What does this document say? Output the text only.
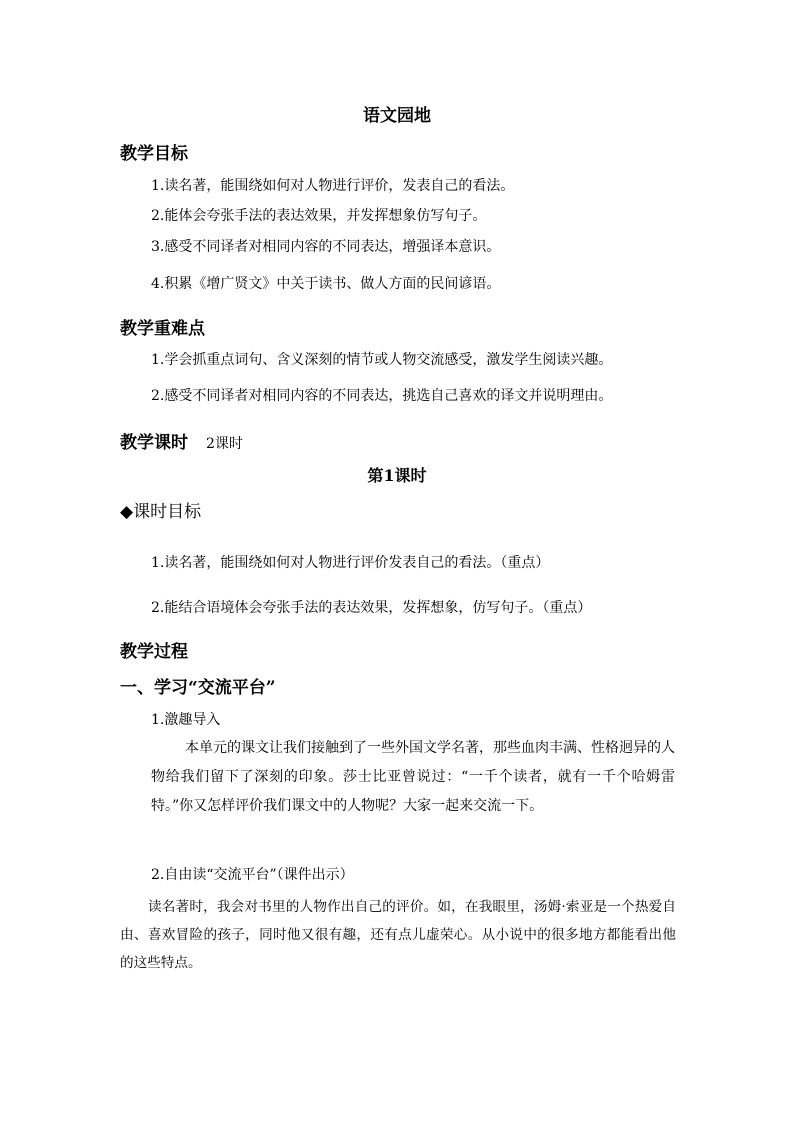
语文园地
教学目标
1.读名著，能围绕如何对人物进行评价，发表自己的看法。
2.能体会夸张手法的表达效果，并发挥想象仿写句子。
3.感受不同译者对相同内容的不同表达，增强译本意识。
4.积累《增广贤文》中关于读书、做人方面的民间谚语。
教学重难点
1.学会抓重点词句、含义深刻的情节或人物交流感受，激发学生阅读兴趣。
2.感受不同译者对相同内容的不同表达，挑选自己喜欢的译文并说明理由。
教学课时 2课时
第1课时
◆课时目标
1.读名著，能围绕如何对人物进行评价发表自己的看法。（重点）
2.能结合语境体会夸张手法的表达效果，发挥想象，仿写句子。（重点）
教学过程
一、学习“交流平台”
1.激趣导入

本单元的课文让我们接触到了一些外国文学名著，那些血肉丰满、性格迥异的人物给我们留下了深刻的印象。莎士比亚曾说过：“一千个读者，就有一千个哈姆雷特。”你又怎样评价我们课文中的人物呢？大家一起来交流一下。

2.自由读“交流平台”（课件出示）

读名著时，我会对书里的人物作出自己的评价。如，在我眼里，汤姆·索亚是一个热爱自由、喜欢冒险的孩子，同时他又很有趣，还有点儿虚荣心。从小说中的很多地方都能看出他的这些特点。
